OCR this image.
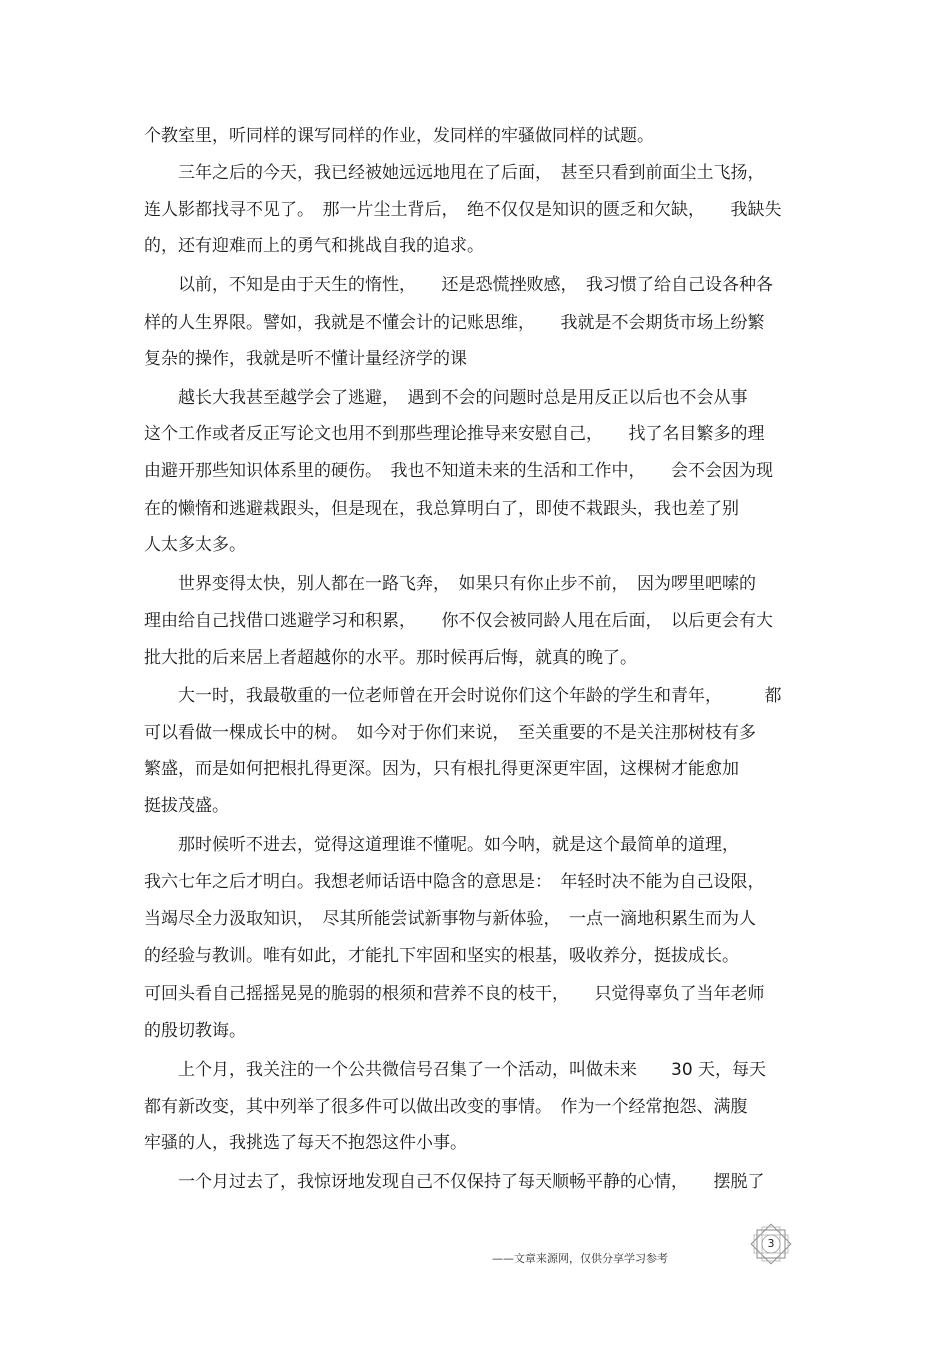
个教室里，听同样的课写同样的作业，发同样的牢骚做同样的试题。

　　三年之后的今天，我已经被她远远地甩在了后面，　甚至只看到前面尘土飞扬，

连人影都找寻不见了。　那一片尘土背后，　绝不仅仅是知识的匮乏和欠缺，　　我缺失

的，还有迎难而上的勇气和挑战自我的追求。

　　以前，不知是由于天生的惰性，　　还是恐慌挫败感，　我习惯了给自己设各种各

样的人生界限。譬如，我就是不懂会计的记账思维，　　我就是不会期货市场上纷繁

复杂的操作，我就是听不懂计量经济学的课

　　越长大我甚至越学会了逃避，　遇到不会的问题时总是用反正以后也不会从事

这个工作或者反正写论文也用不到那些理论推导来安慰自己，　　找了名目繁多的理

由避开那些知识体系里的硬伤。　我也不知道未来的生活和工作中，　　会不会因为现

在的懒惰和逃避栽跟头，但是现在，我总算明白了，即使不栽跟头，我也差了别

人太多太多。

　　世界变得太快，别人都在一路飞奔，　如果只有你止步不前，　因为啰里吧嗦的

理由给自己找借口逃避学习和积累，　　你不仅会被同龄人甩在后面，　以后更会有大

批大批的后来居上者超越你的水平。那时候再后悔，就真的晚了。

　　大一时，我最敬重的一位老师曾在开会时说你们这个年龄的学生和青年，　　　都

可以看做一棵成长中的树。　如今对于你们来说，　至关重要的不是关注那树枝有多

繁盛，而是如何把根扎得更深。因为，只有根扎得更深更牢固，这棵树才能愈加

挺拔茂盛。

　　那时候听不进去，觉得这道理谁不懂呢。如今呐，就是这个最简单的道理，

我六七年之后才明白。我想老师话语中隐含的意思是：　年轻时决不能为自己设限，

当竭尽全力汲取知识，　尽其所能尝试新事物与新体验，　一点一滴地积累生而为人

的经验与教训。唯有如此，才能扎下牢固和坚实的根基，吸收养分，挺拔成长。

可回头看自己摇摇晃晃的脆弱的根须和营养不良的枝干，　　只觉得辜负了当年老师

的殷切教诲。

　　上个月，我关注的一个公共微信号召集了一个活动，叫做未来　　30 天，每天

都有新改变，其中列举了很多件可以做出改变的事情。　作为一个经常抱怨、满腹

牢骚的人，我挑选了每天不抱怨这件小事。

　　一个月过去了，我惊讶地发现自己不仅保持了每天顺畅平静的心情，　　摆脱了

3
——文章来源网，仅供分享学习参考
